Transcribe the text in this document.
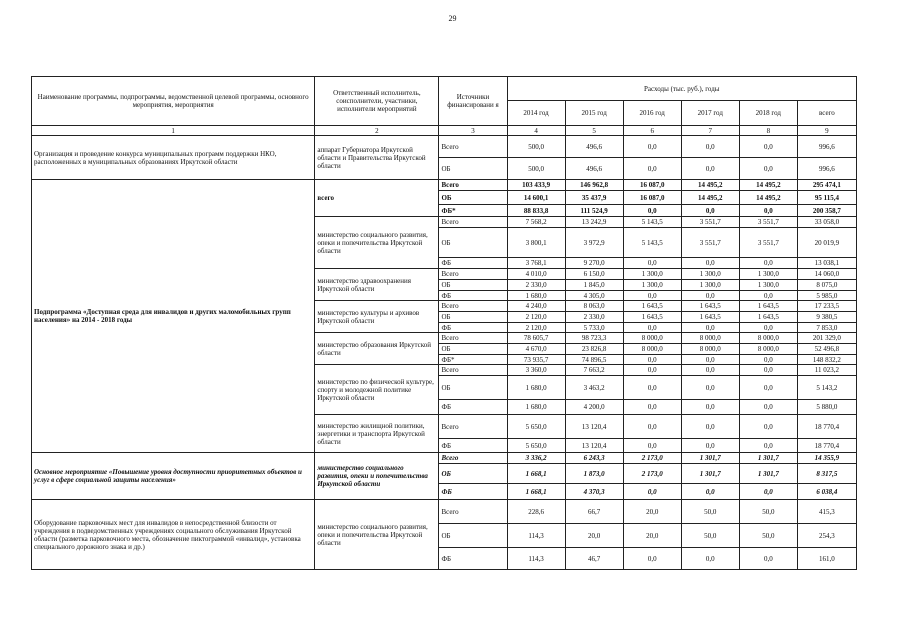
29
Наименование программы, подпрограммы, ведомственной целевой программы, основного мероприятия, мероприятия	Ответственный исполнитель, соисполнители, участники, исполнители мероприятий	Источники финансировани я	Расходы (тыс. руб.), годы					
			2014 год	2015 год	2016 год	2017 год	2018 год	всего
1	2	3	4	5	6	7	8	9
Организация и проведение конкурса муниципальных программ поддержки НКО, расположенных в муниципальных образованиях Иркутской области	аппарат Губернатора Иркутской области и Правительства Иркутской области	Всего	500,0	496,6	0,0	0,0	0,0	996,6
		ОБ	500,0	496,6	0,0	0,0	0,0	996,6
Подпрограмма «Доступная среда для инвалидов и других маломобильных групп населения» на 2014 - 2018 годы	всего	Всего	103 433,9	146 962,8	16 087,0	14 495,2	14 495,2	295 474,1
		ОБ	14 600,1	35 437,9	16 087,0	14 495,2	14 495,2	95 115,4
		ФБ*	88 833,8	111 524,9	0,0	0,0	0,0	200 358,7
	министерство социального развития, опеки и попечительства Иркутской области	Всего	7 568,2	13 242,9	5 143,5	3 551,7	3 551,7	33 058,0
		ОБ	3 800,1	3 972,9	5 143,5	3 551,7	3 551,7	20 019,9
		ФБ	3 768,1	9 270,0	0,0	0,0	0,0	13 038,1
	министерство здравоохранения Иркутской области	Всего	4 010,0	6 150,0	1 300,0	1 300,0	1 300,0	14 060,0
		ОБ	2 330,0	1 845,0	1 300,0	1 300,0	1 300,0	8 075,0
		ФБ	1 680,0	4 305,0	0,0	0,0	0,0	5 985,0
	министерство культуры и архивов Иркутской области	Всего	4 240,0	8 063,0	1 643,5	1 643,5	1 643,5	17 233,5
		ОБ	2 120,0	2 330,0	1 643,5	1 643,5	1 643,5	9 380,5
		ФБ	2 120,0	5 733,0	0,0	0,0	0,0	7 853,0
	министерство образования Иркутской области	Всего	78 605,7	98 723,3	8 000,0	8 000,0	8 000,0	201 329,0
		ОБ	4 670,0	23 826,8	8 000,0	8 000,0	8 000,0	52 496,8
		ФБ*	73 935,7	74 896,5	0,0	0,0	0,0	148 832,2
	министерство по физической культуре, спорту и молодежной политике Иркутской области	Всего	3 360,0	7 663,2	0,0	0,0	0,0	11 023,2
		ОБ	1 680,0	3 463,2	0,0	0,0	0,0	5 143,2
		ФБ	1 680,0	4 200,0	0,0	0,0	0,0	5 880,0
	министерство жилищной политики, энергетики и транспорта Иркутской области	Всего	5 650,0	13 120,4	0,0	0,0	0,0	18 770,4
		ФБ	5 650,0	13 120,4	0,0	0,0	0,0	18 770,4
Основное мероприятие «Повышение уровня доступности приоритетных объектов и услуг в сфере социальной защиты населения»	министерство социального развития, опеки и попечительства Иркутской области	Всего	3 336,2	6 243,3	2 173,0	1 301,7	1 301,7	14 355,9
		ОБ	1 668,1	1 873,0	2 173,0	1 301,7	1 301,7	8 317,5
		ФБ	1 668,1	4 370,3	0,0	0,0	0,0	6 038,4
Оборудование парковочных мест для инвалидов в непосредственной близости от учреждения в подведомственных учреждениях социального обслуживания Иркутской области (разметка парковочного места, обозначение пиктограммой «инвалид», установка специального дорожного знака и др.)	министерство социального развития, опеки и попечительства Иркутской области	Всего	228,6	66,7	20,0	50,0	50,0	415,3
		ОБ	114,3	20,0	20,0	50,0	50,0	254,3
		ФБ	114,3	46,7	0,0	0,0	0,0	161,0
